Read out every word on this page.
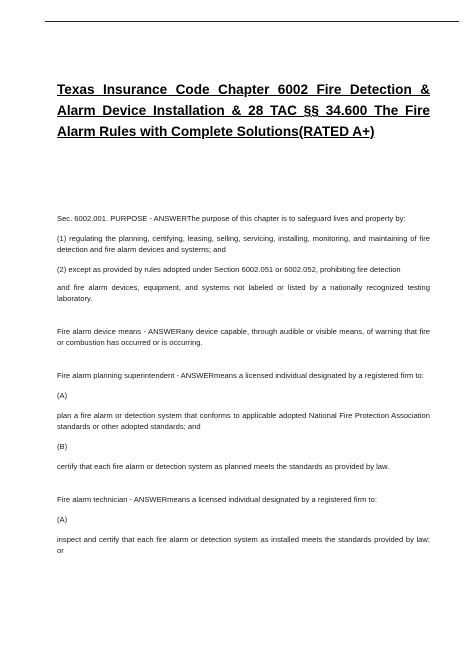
Texas Insurance Code Chapter 6002 Fire Detection & Alarm Device Installation & 28 TAC §§ 34.600 The Fire Alarm Rules with Complete Solutions(RATED A+)

Sec. 6002.001. PURPOSE - ANSWERThe purpose of this chapter is to safeguard lives and property by:

(1) regulating the planning, certifying, leasing, selling, servicing, installing, monitoring, and maintaining of fire detection and fire alarm devices and systems; and

(2) except as provided by rules adopted under Section 6002.051 or 6002.052, prohibiting fire detection

and fire alarm devices, equipment, and systems not labeled or listed by a nationally recognized testing laboratory.

Fire alarm device means - ANSWERany device capable, through audible or visible means, of warning that fire or combustion has occurred or is occurring.

Fire alarm planning superintendent - ANSWERmeans a licensed individual designated by a registered firm to:

(A)

plan a fire alarm or detection system that conforms to applicable adopted National Fire Protection Association standards or other adopted standards; and

(B)

certify that each fire alarm or detection system as planned meets the standards as provided by law.

Fire alarm technician - ANSWERmeans a licensed individual designated by a registered firm to:

(A)

inspect and certify that each fire alarm or detection system as installed meets the standards provided by law; or
